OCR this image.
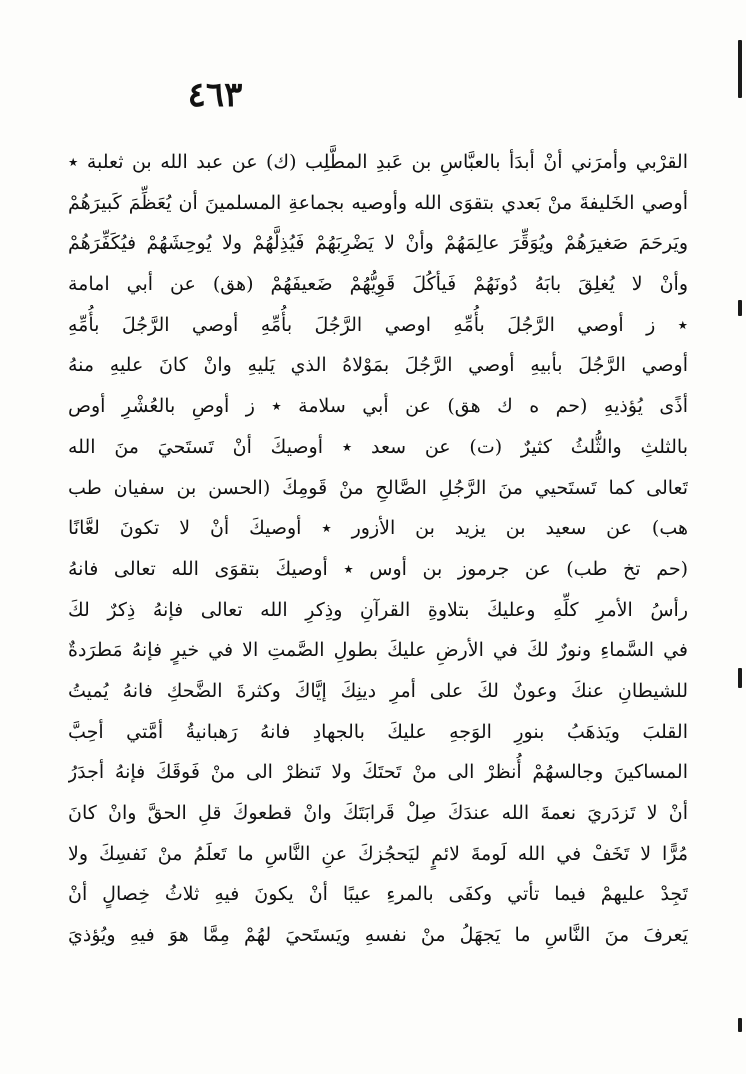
٤٦٣
القرْبي وأمرَني أنْ أبدَأ بالعبَّاسِ بن عَبدِ المطَّلِب (ك) عن عبد الله بن ثعلبة ٭
أوصي الخَليفةَ منْ بَعدي بتقوَى الله وأوصيه بجماعةِ المسلمينَ أن يُعَظِّمَ كَبيرَهُمْ
ويَرحَمَ صَغيرَهُمْ ويُوَقِّرَ عالِمَهُمْ وأنْ لا يَضْرِبَهُمْ فَيُذِلَّهُمْ ولا يُوحِشَهُمْ فيُكَفِّرَهُمْ
وأنْ لا يُغلِقَ بابَهُ دُونَهُمْ فَيأكُلَ قَوِيُّهُمْ ضَعيفَهُمْ (هق) عن أبي امامة
٭ ز أوصي الرَّجُلَ بأُمِّهِ اوصي الرَّجُلَ بأُمِّهِ أوصي الرَّجُلَ بأُمِّهِ
أوصي الرَّجُلَ بأبيهِ أوصي الرَّجُلَ بمَوْلاهُ الذي يَليهِ وانْ كانَ عليهِ منهُ
أذًى يُؤذيهِ (حم ه ك هق) عن أبي سلامة ٭ ز أوصِ بالعُشْرِ أوص
بالثلثِ والثُّلثُ كثيرٌ (ت) عن سعد ٭ أوصيكَ أنْ تَستَحيَ منَ الله
تَعالى كما تَستَحيي منَ الرَّجُلِ الصَّالحِ منْ قَومِكَ (الحسن بن سفيان طب
هب) عن سعيد بن يزيد بن الأزور ٭ أوصيكَ أنْ لا تكونَ لعَّانًا
(حم تخ طب) عن جرموز بن أوس ٭ أوصيكَ بتقوَى الله تعالى فانهُ
رأسُ الأمرِ كلِّهِ وعليكَ بتلاوةِ القرآنِ وذِكرِ الله تعالى فإنهُ ذِكرٌ لكَ
في السَّماءِ ونورٌ لكَ في الأرضِ عليكَ بطولِ الصَّمتِ الا في خيرٍ فإنهُ مَطرَدةٌ
للشيطانِ عنكَ وعونٌ لكَ على أمرِ دينِكَ إيَّاكَ وكثرةَ الضَّحكِ فانهُ يُميتُ
القلبَ ويَذهَبُ بنورِ الوَجهِ عليكَ بالجهادِ فانهُ رَهبانيةُ أمَّتي أحِبَّ
المساكينَ وجالسهُمْ أُنظرْ الى منْ تَحتَكَ ولا تَنظرْ الى منْ فَوقَكَ فإنهُ أجدَرُ
أنْ لا تَزدَريَ نعمةَ الله عندَكَ صِلْ قَرابَتَكَ وانْ قطعوكَ قلِ الحقَّ وانْ كانَ
مُرًّا لا تَخَفْ في الله لَومةَ لائمٍ ليَحجُزكَ عنِ النَّاسِ ما تَعلَمُ منْ نَفسِكَ ولا
تَجِدْ عليهمْ فيما تأتي وكفَى بالمرءِ عيبًا أنْ يكونَ فيهِ ثلاثُ خِصالٍ أنْ
يَعرفَ منَ النَّاسِ ما يَجهَلُ منْ نفسهِ ويَستَحيَ لهُمْ مِمَّا هوَ فيهِ ويُؤذيَ
